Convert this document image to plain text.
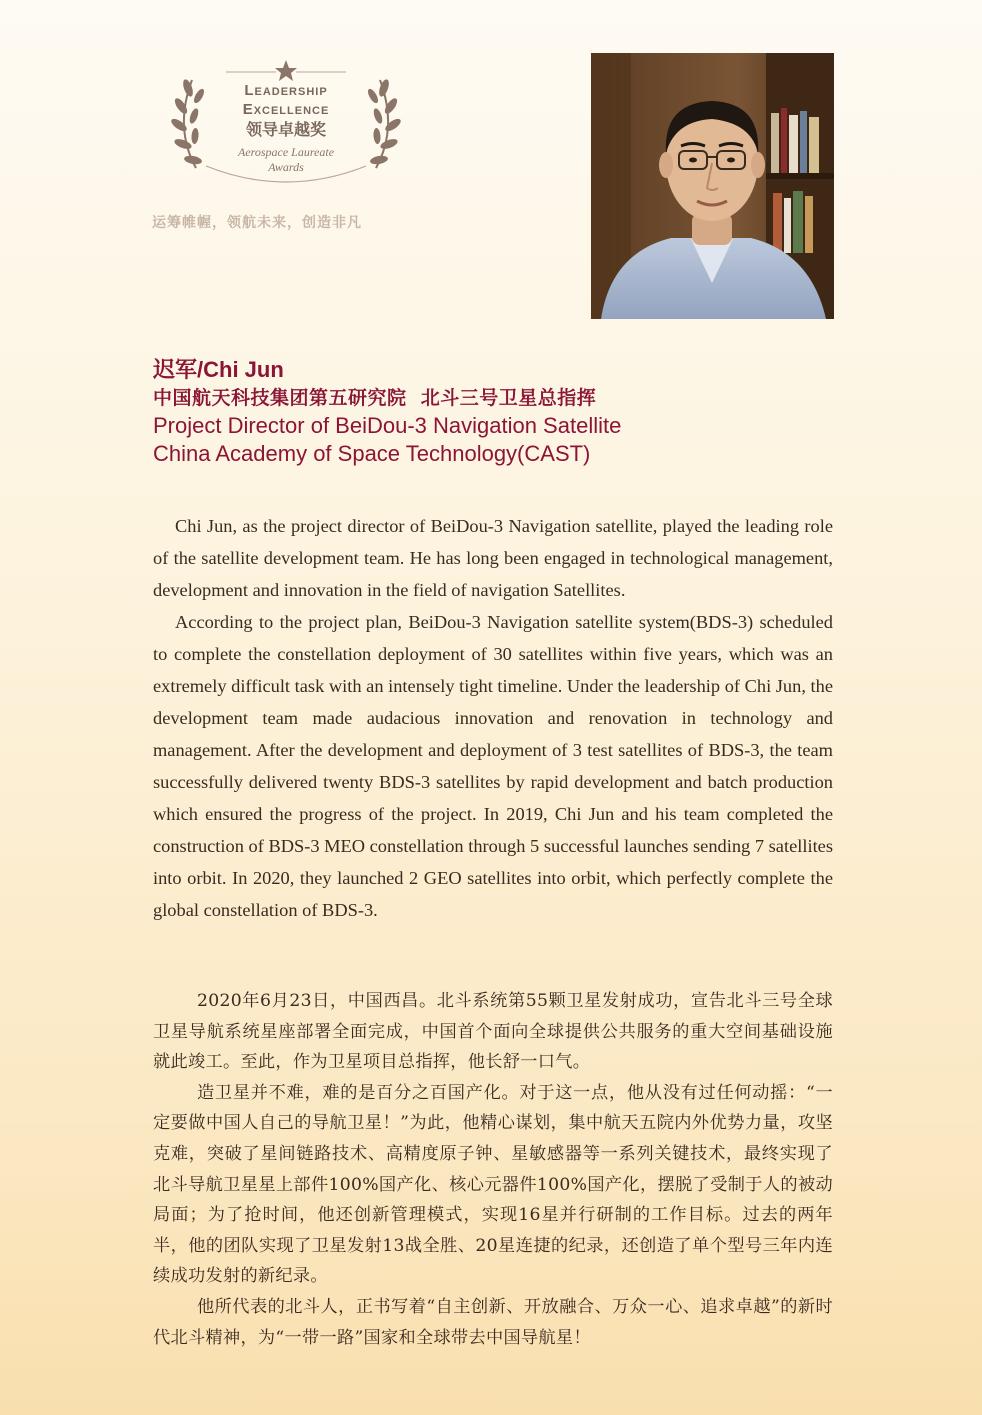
Leadership
Excellence
领导卓越奖
Aerospace Laureate
Awards
运筹帷幄，领航未来，创造非凡
迟军/Chi Jun
中国航天科技集团第五研究院  北斗三号卫星总指挥
Project Director of BeiDou-3 Navigation Satellite
China Academy of Space Technology(CAST)

Chi Jun, as the project director of BeiDou-3 Navigation satellite, played the leading role of the satellite development team. He has long been engaged in technological management, development and innovation in the field of navigation Satellites.

According to the project plan, BeiDou-3 Navigation satellite system(BDS-3) scheduled to complete the constellation deployment of 30 satellites within five years, which was an extremely difficult task with an intensely tight timeline. Under the leadership of Chi Jun, the development team made audacious innovation and renovation in technology and management. After the development and deployment of 3 test satellites of BDS-3, the team successfully delivered twenty BDS-3 satellites by rapid development and batch production which ensured the progress of the project. In 2019, Chi Jun and his team completed the construction of BDS-3 MEO constellation through 5 successful launches sending 7 satellites into orbit. In 2020, they launched 2 GEO satellites into orbit, which perfectly complete the global constellation of BDS-3.

2020年6月23日，中国西昌。北斗系统第55颗卫星发射成功，宣告北斗三号全球卫星导航系统星座部署全面完成，中国首个面向全球提供公共服务的重大空间基础设施就此竣工。至此，作为卫星项目总指挥，他长舒一口气。

造卫星并不难，难的是百分之百国产化。对于这一点，他从没有过任何动摇：“一定要做中国人自己的导航卫星！”为此，他精心谋划，集中航天五院内外优势力量，攻坚克难，突破了星间链路技术、高精度原子钟、星敏感器等一系列关键技术，最终实现了北斗导航卫星星上部件100%国产化、核心元器件100%国产化，摆脱了受制于人的被动局面；为了抢时间，他还创新管理模式，实现16星并行研制的工作目标。过去的两年半，他的团队实现了卫星发射13战全胜、20星连捷的纪录，还创造了单个型号三年内连续成功发射的新纪录。

他所代表的北斗人，正书写着“自主创新、开放融合、万众一心、追求卓越”的新时代北斗精神，为“一带一路”国家和全球带去中国导航星！
